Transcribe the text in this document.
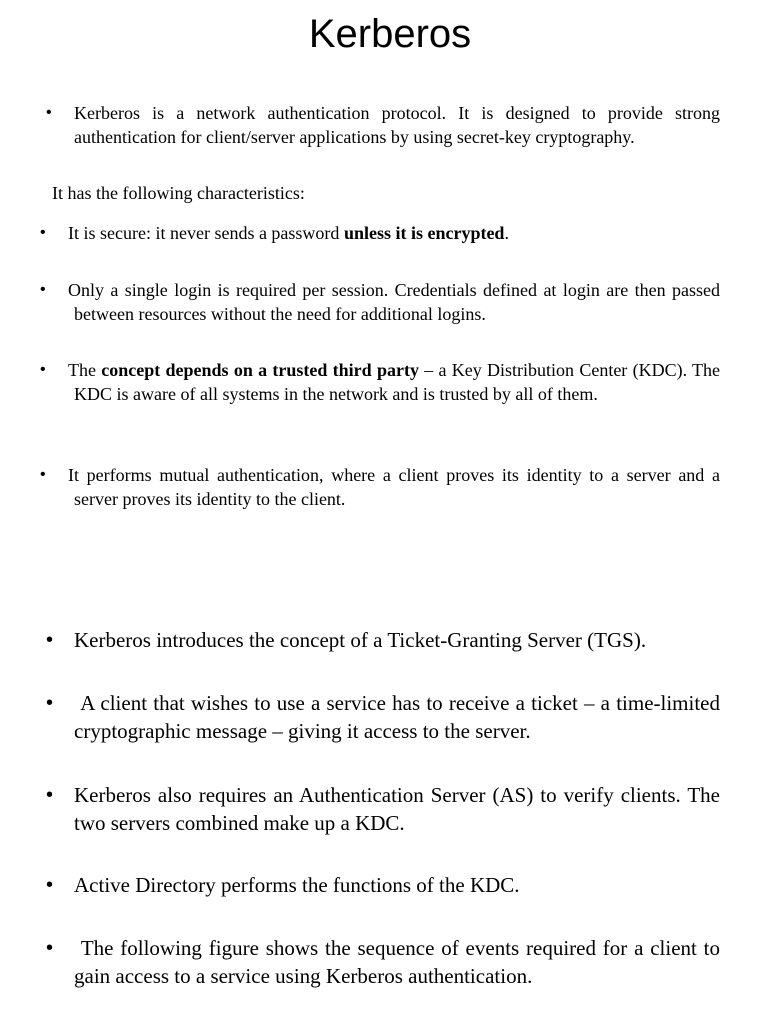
Kerberos
• Kerberos is a network authentication protocol. It is designed to provide strong authentication for client/server applications by using secret-key cryptography.
It has the following characteristics:
• It is secure: it never sends a password unless it is encrypted.
• Only a single login is required per session. Credentials defined at login are then passed between resources without the need for additional logins.
• The concept depends on a trusted third party – a Key Distribution Center (KDC). The KDC is aware of all systems in the network and is trusted by all of them.
• It performs mutual authentication, where a client proves its identity to a server and a server proves its identity to the client.
• Kerberos introduces the concept of a Ticket-Granting Server (TGS).
• A client that wishes to use a service has to receive a ticket – a time-limited cryptographic message – giving it access to the server.
• Kerberos also requires an Authentication Server (AS) to verify clients. The two servers combined make up a KDC.
• Active Directory performs the functions of the KDC.
• The following figure shows the sequence of events required for a client to gain access to a service using Kerberos authentication.
